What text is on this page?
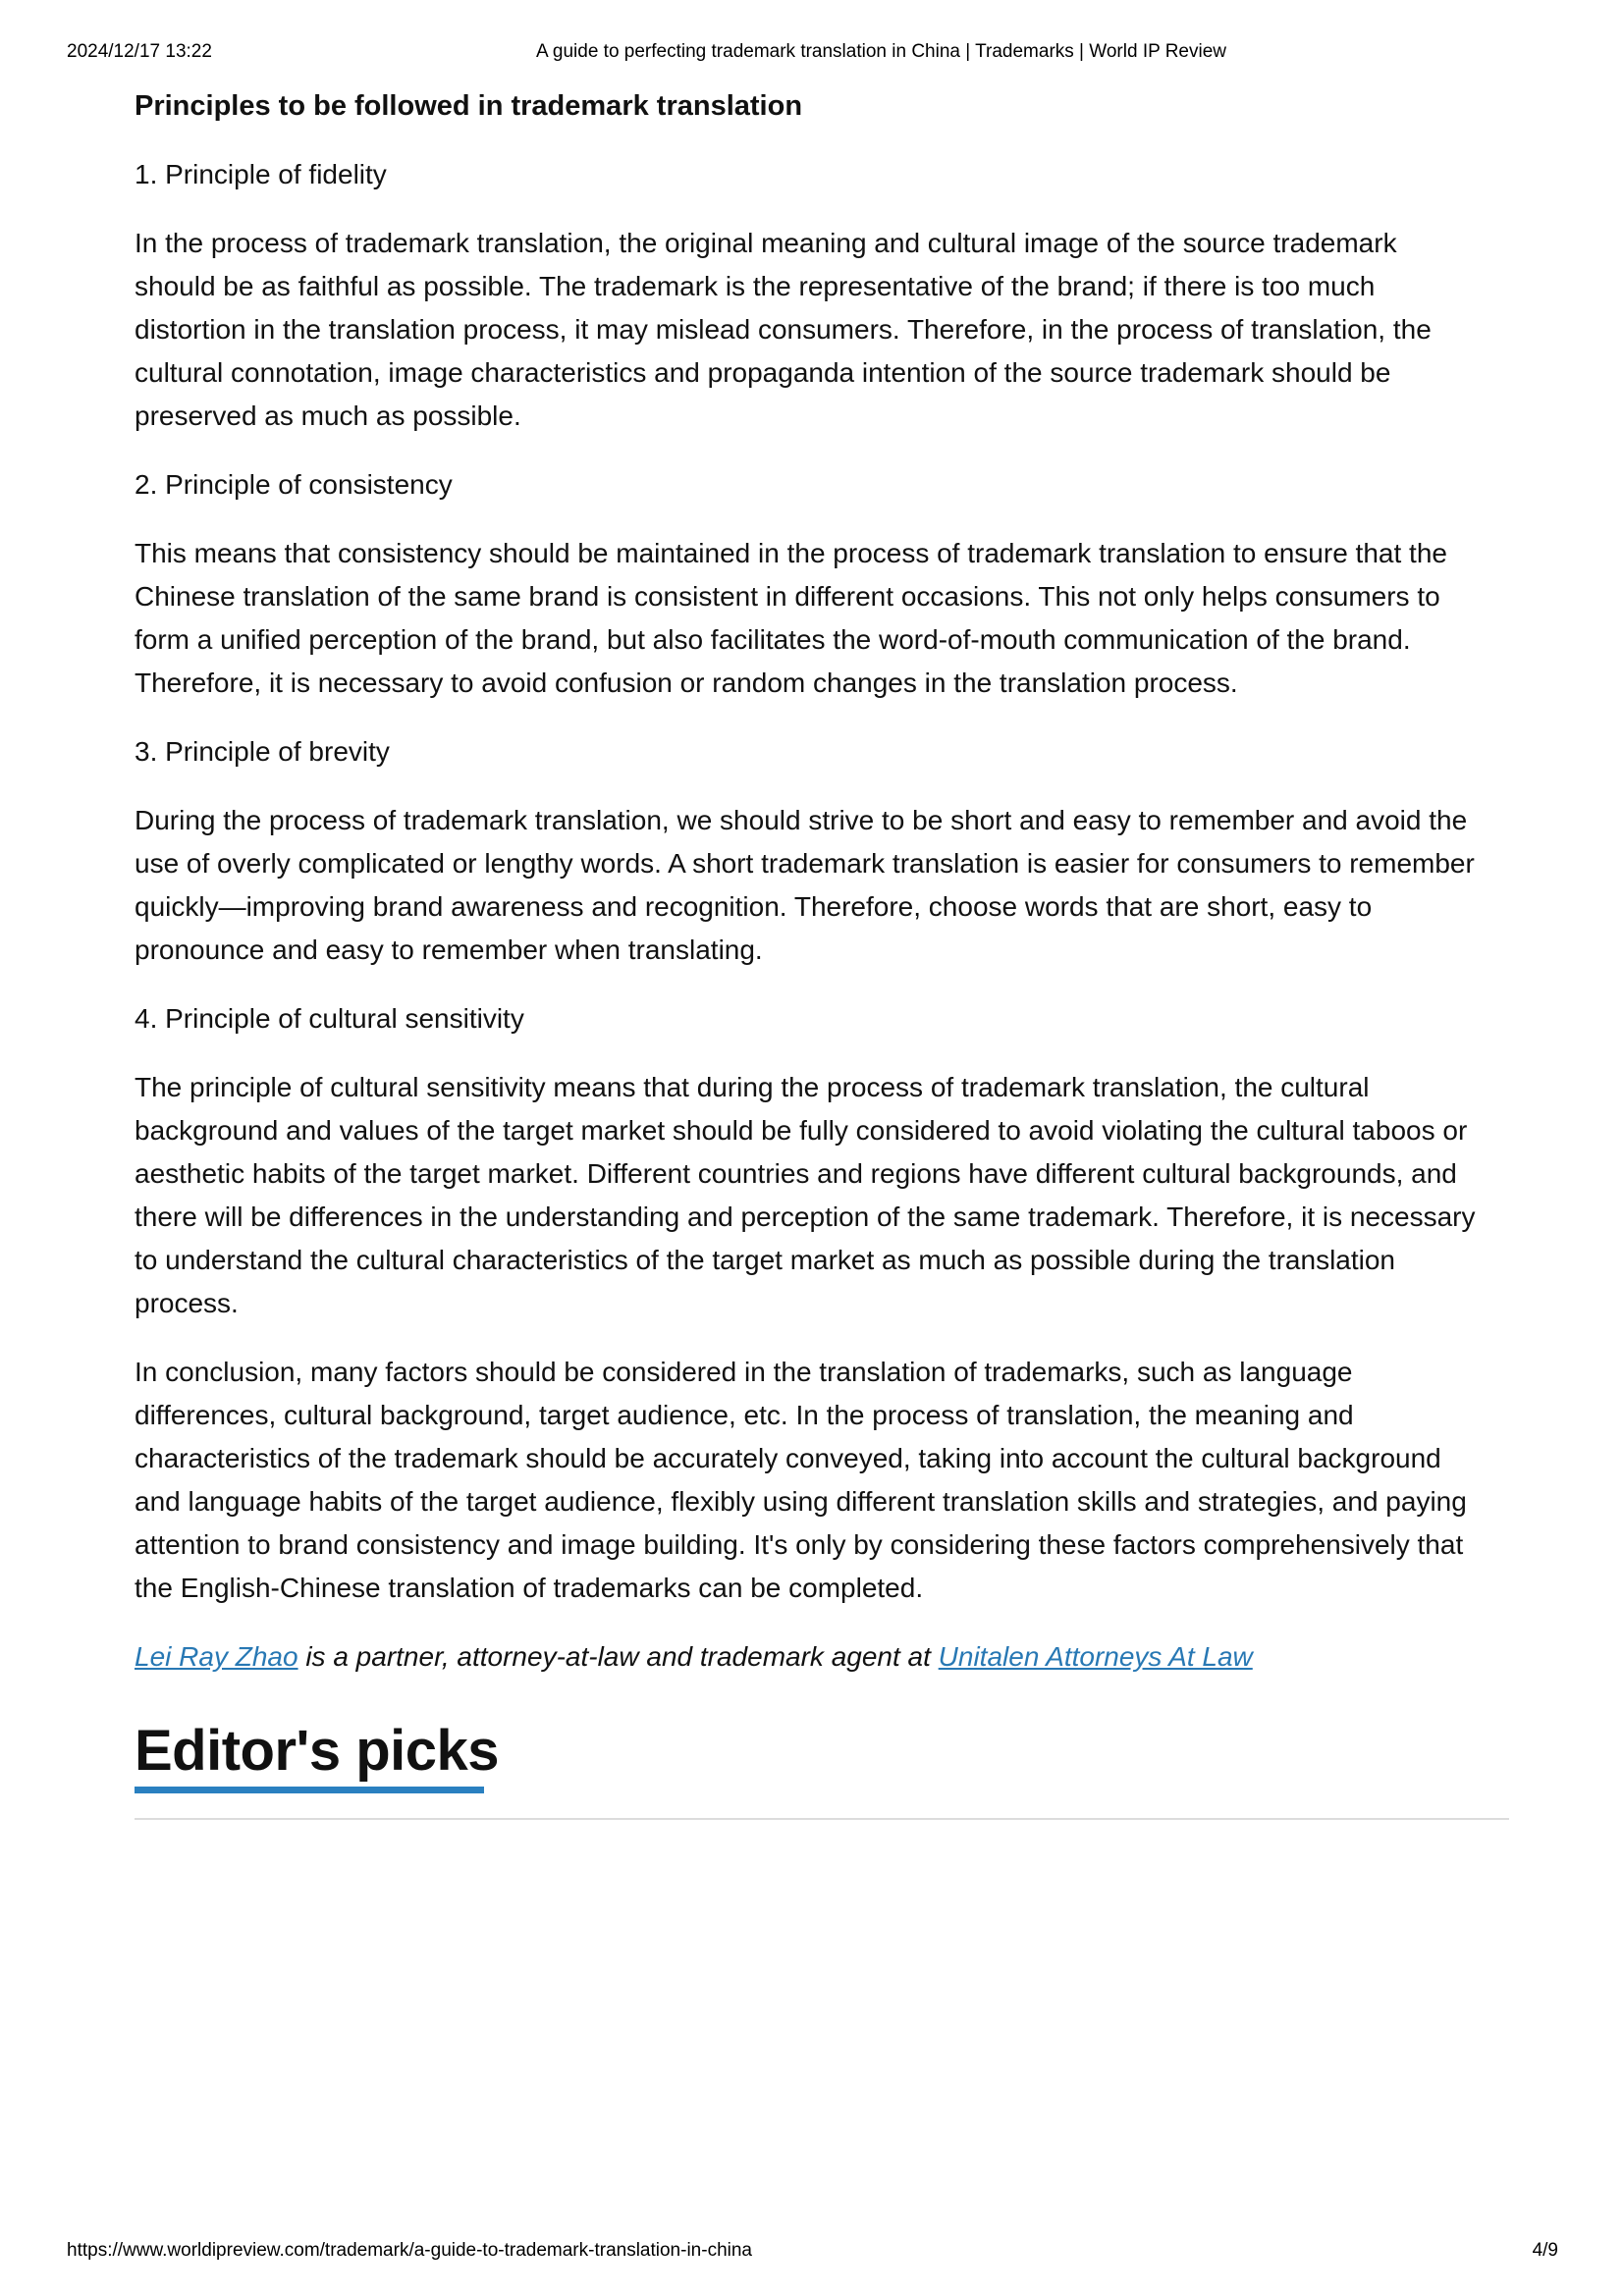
2024/12/17 13:22	A guide to perfecting trademark translation in China | Trademarks | World IP Review
Principles to be followed in trademark translation
1. Principle of fidelity

In the process of trademark translation, the original meaning and cultural image of the source trademark should be as faithful as possible. The trademark is the representative of the brand; if there is too much distortion in the translation process, it may mislead consumers. Therefore, in the process of translation, the cultural connotation, image characteristics and propaganda intention of the source trademark should be preserved as much as possible.

2. Principle of consistency

This means that consistency should be maintained in the process of trademark translation to ensure that the Chinese translation of the same brand is consistent in different occasions. This not only helps consumers to form a unified perception of the brand, but also facilitates the word-of-mouth communication of the brand. Therefore, it is necessary to avoid confusion or random changes in the translation process.

3. Principle of brevity

During the process of trademark translation, we should strive to be short and easy to remember and avoid the use of overly complicated or lengthy words. A short trademark translation is easier for consumers to remember quickly—improving brand awareness and recognition. Therefore, choose words that are short, easy to pronounce and easy to remember when translating.

4. Principle of cultural sensitivity

The principle of cultural sensitivity means that during the process of trademark translation, the cultural background and values of the target market should be fully considered to avoid violating the cultural taboos or aesthetic habits of the target market. Different countries and regions have different cultural backgrounds, and there will be differences in the understanding and perception of the same trademark. Therefore, it is necessary to understand the cultural characteristics of the target market as much as possible during the translation process.

In conclusion, many factors should be considered in the translation of trademarks, such as language differences, cultural background, target audience, etc. In the process of translation, the meaning and characteristics of the trademark should be accurately conveyed, taking into account the cultural background and language habits of the target audience, flexibly using different translation skills and strategies, and paying attention to brand consistency and image building. It's only by considering these factors comprehensively that the English-Chinese translation of trademarks can be completed.

Lei Ray Zhao is a partner, attorney-at-law and trademark agent at Unitalen Attorneys At Law

Editor's picks
https://www.worldipreview.com/trademark/a-guide-to-trademark-translation-in-china	4/9
